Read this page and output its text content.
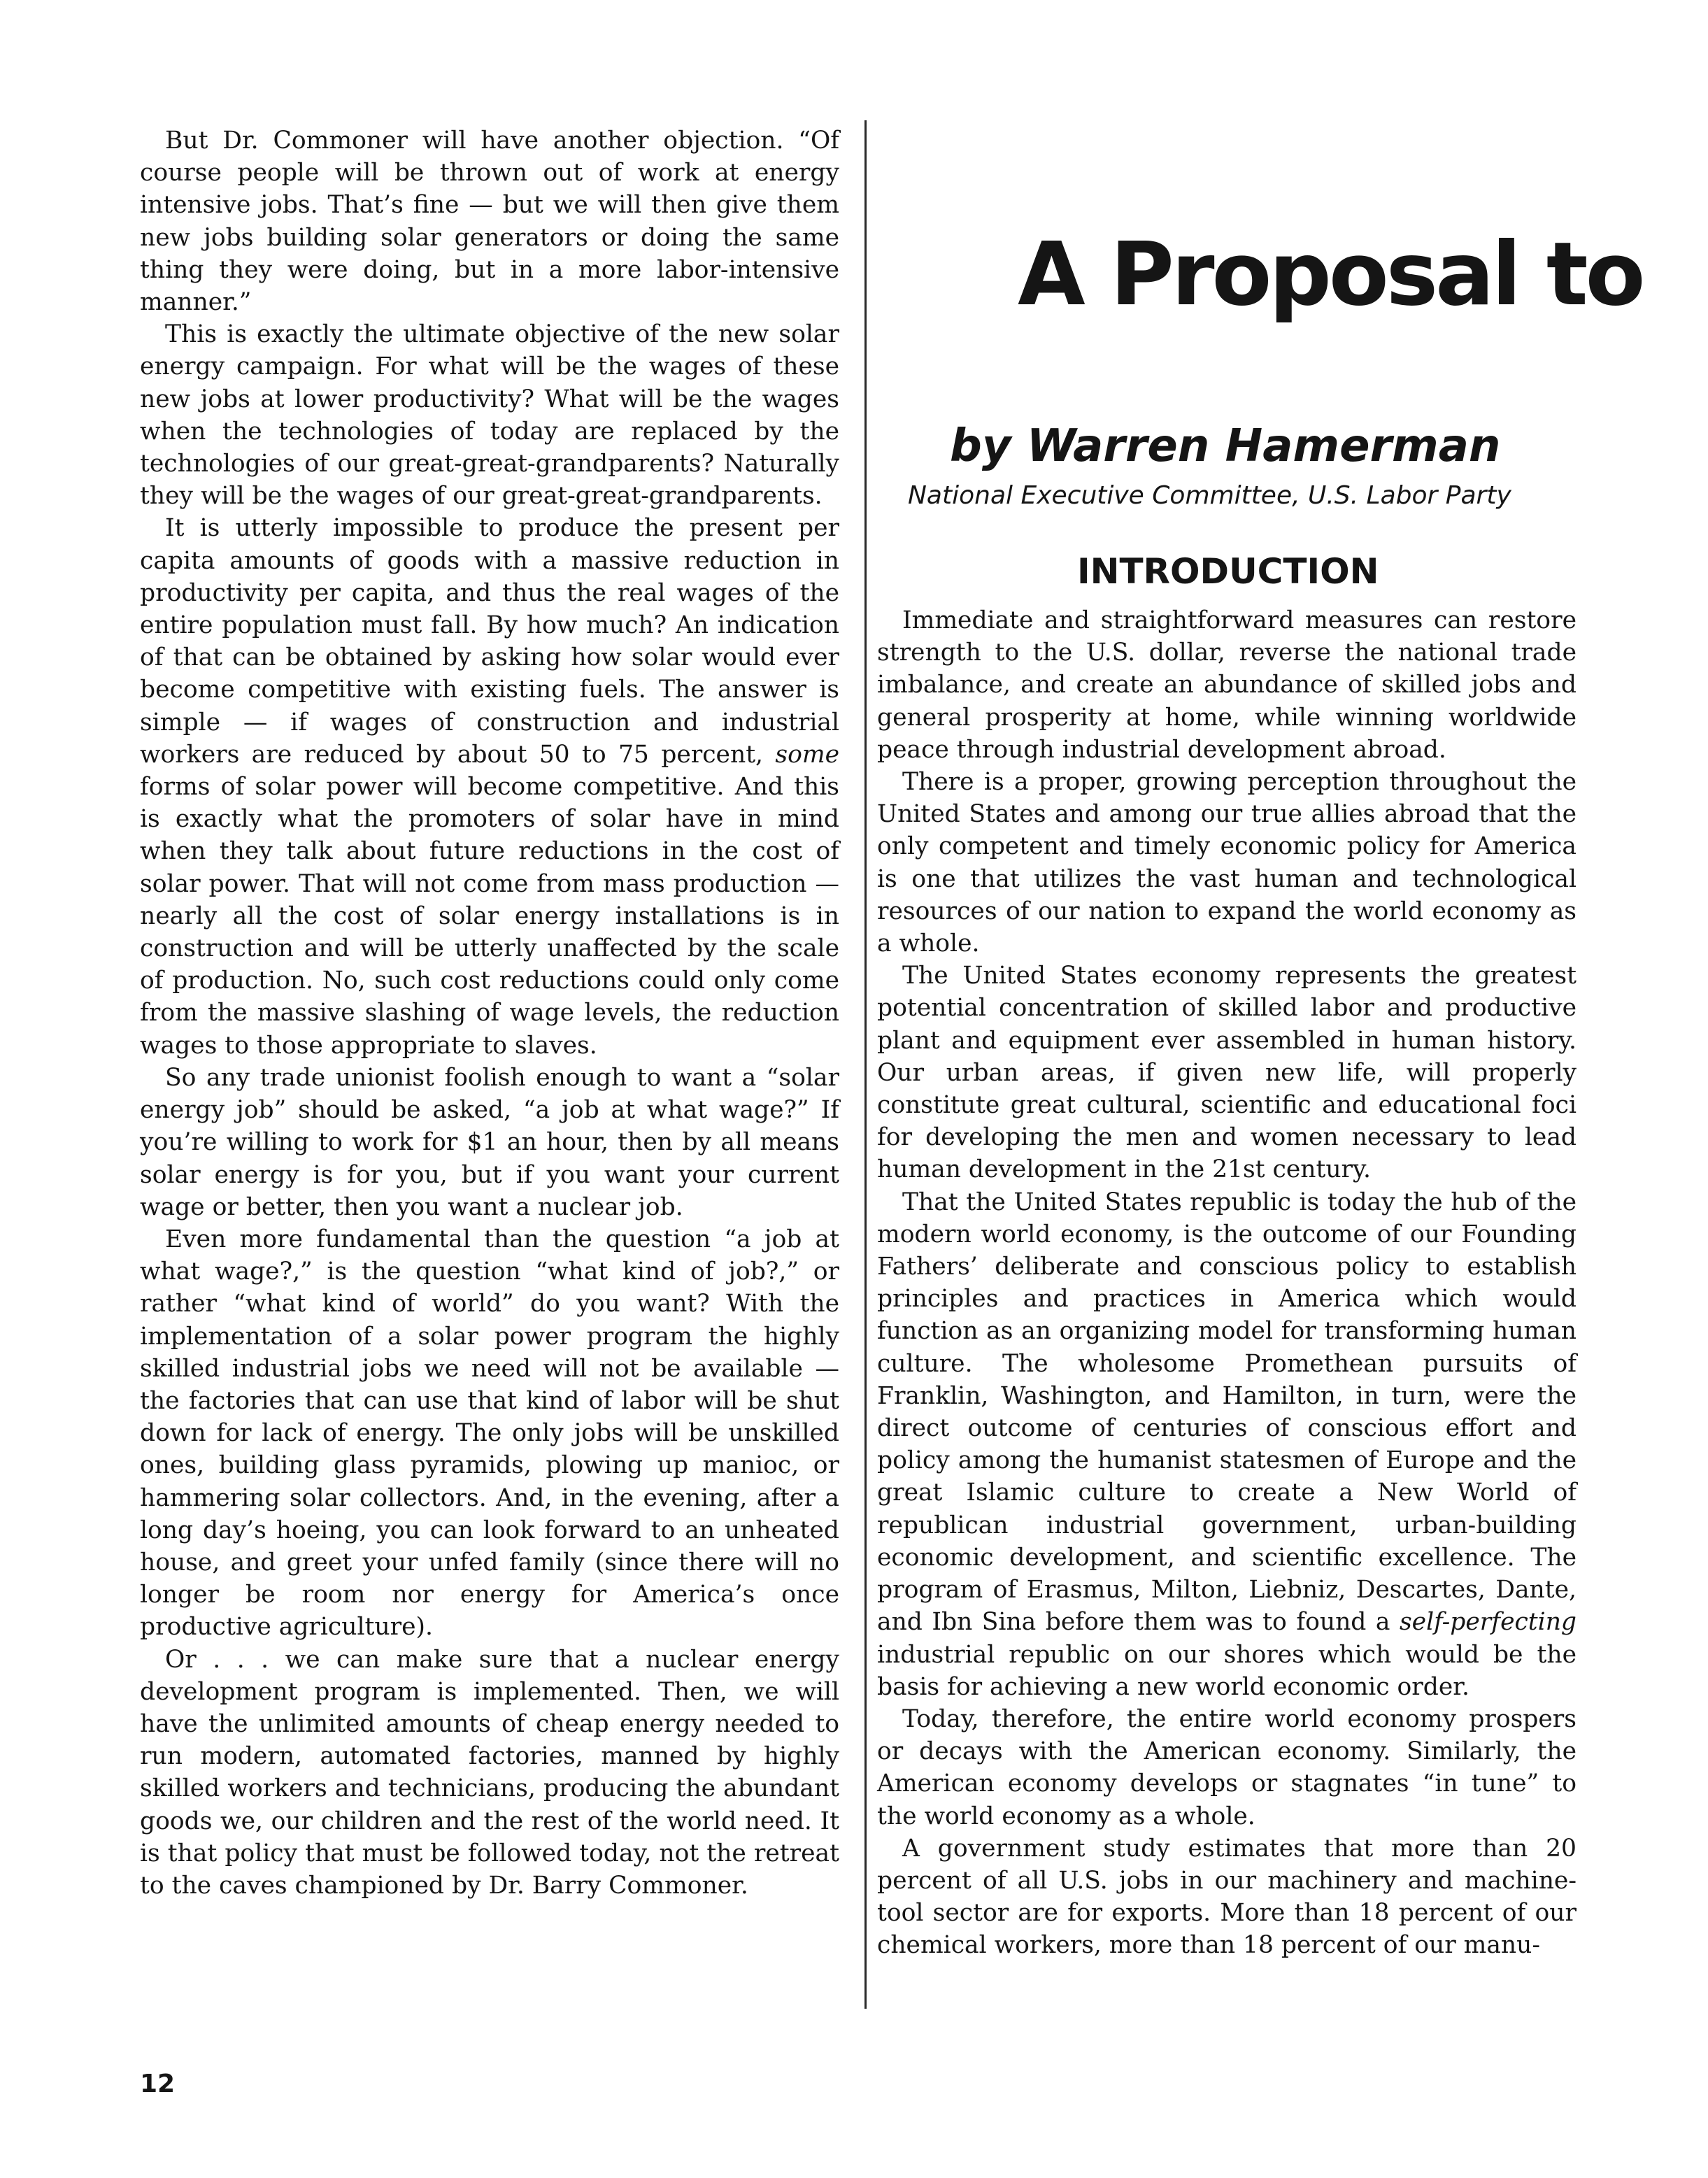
But Dr. Commoner will have another objection. “Of course people will be thrown out of work at energy intensive jobs. That’s fine — but we will then give them new jobs building solar generators or doing the same thing they were doing, but in a more labor-intensive manner.”

This is exactly the ultimate objective of the new solar energy campaign. For what will be the wages of these new jobs at lower productivity? What will be the wages when the technologies of today are replaced by the technologies of our great-great-grandparents? Naturally they will be the wages of our great-great-grandparents.

It is utterly impossible to produce the present per capita amounts of goods with a massive reduction in productivity per capita, and thus the real wages of the entire population must fall. By how much? An indication of that can be obtained by asking how solar would ever become competitive with existing fuels. The answer is simple — if wages of construction and industrial workers are reduced by about 50 to 75 percent, some forms of solar power will become competitive. And this is exactly what the promoters of solar have in mind when they talk about future reductions in the cost of solar power. That will not come from mass production — nearly all the cost of solar energy installations is in construction and will be utterly unaffected by the scale of production. No, such cost reductions could only come from the massive slashing of wage levels, the reduction wages to those appropriate to slaves.

So any trade unionist foolish enough to want a “solar energy job” should be asked, “a job at what wage?” If you’re willing to work for $1 an hour, then by all means solar energy is for you, but if you want your current wage or better, then you want a nuclear job.

Even more fundamental than the question “a job at what wage?,” is the question “what kind of job?,” or rather “what kind of world” do you want? With the implementation of a solar power program the highly skilled industrial jobs we need will not be available — the factories that can use that kind of labor will be shut down for lack of energy. The only jobs will be unskilled ones, building glass pyramids, plowing up manioc, or hammering solar collectors. And, in the evening, after a long day’s hoeing, you can look forward to an unheated house, and greet your unfed family (since there will no longer be room nor energy for America’s once productive agriculture).

Or . . . we can make sure that a nuclear energy development program is implemented. Then, we will have the unlimited amounts of cheap energy needed to run modern, automated factories, manned by highly skilled workers and technicians, producing the abundant goods we, our children and the rest of the world need. It is that policy that must be followed today, not the retreat to the caves championed by Dr. Barry Commoner.

A Proposal to
by Warren Hamerman
National Executive Committee, U.S. Labor Party
INTRODUCTION

Immediate and straightforward measures can restore strength to the U.S. dollar, reverse the national trade imbalance, and create an abundance of skilled jobs and general prosperity at home, while winning worldwide peace through industrial development abroad.

There is a proper, growing perception throughout the United States and among our true allies abroad that the only competent and timely economic policy for America is one that utilizes the vast human and technological resources of our nation to expand the world economy as a whole.

The United States economy represents the greatest potential concentration of skilled labor and productive plant and equipment ever assembled in human history. Our urban areas, if given new life, will properly constitute great cultural, scientific and educational foci for developing the men and women necessary to lead human development in the 21st century.

That the United States republic is today the hub of the modern world economy, is the outcome of our Founding Fathers’ deliberate and conscious policy to establish principles and practices in America which would function as an organizing model for transforming human culture. The wholesome Promethean pursuits of Franklin, Washington, and Hamilton, in turn, were the direct outcome of centuries of conscious effort and policy among the humanist statesmen of Europe and the great Islamic culture to create a New World of republican industrial government, urban-building economic development, and scientific excellence. The program of Erasmus, Milton, Liebniz, Descartes, Dante, and Ibn Sina before them was to found a self-perfecting industrial republic on our shores which would be the basis for achieving a new world economic order.

Today, therefore, the entire world economy prospers or decays with the American economy. Similarly, the American economy develops or stagnates “in tune” to the world economy as a whole.

A government study estimates that more than 20 percent of all U.S. jobs in our machinery and machine-tool sector are for exports. More than 18 percent of our chemical workers, more than 18 percent of our manu-

12
